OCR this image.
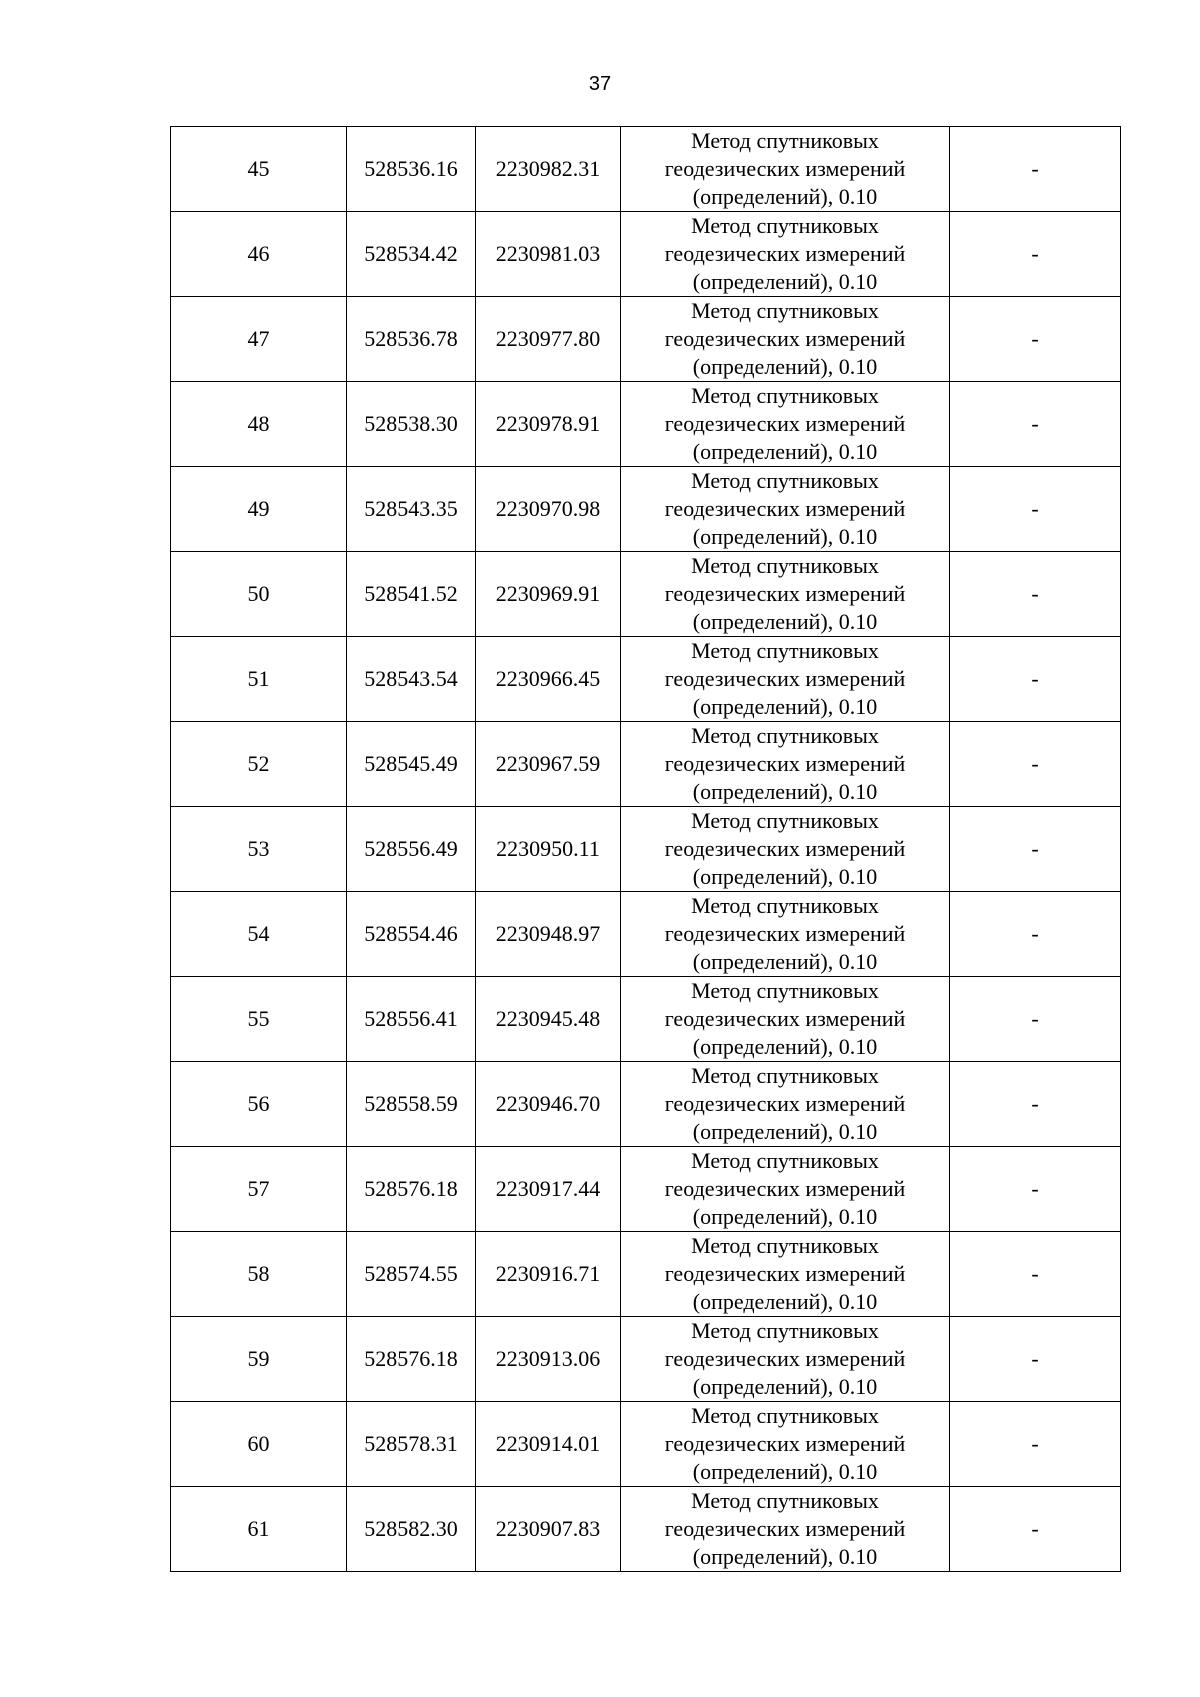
37
45	528536.16	2230982.31	Метод спутниковых
геодезических измерений
(определений), 0.10	-
46	528534.42	2230981.03	Метод спутниковых
геодезических измерений
(определений), 0.10	-
47	528536.78	2230977.80	Метод спутниковых
геодезических измерений
(определений), 0.10	-
48	528538.30	2230978.91	Метод спутниковых
геодезических измерений
(определений), 0.10	-
49	528543.35	2230970.98	Метод спутниковых
геодезических измерений
(определений), 0.10	-
50	528541.52	2230969.91	Метод спутниковых
геодезических измерений
(определений), 0.10	-
51	528543.54	2230966.45	Метод спутниковых
геодезических измерений
(определений), 0.10	-
52	528545.49	2230967.59	Метод спутниковых
геодезических измерений
(определений), 0.10	-
53	528556.49	2230950.11	Метод спутниковых
геодезических измерений
(определений), 0.10	-
54	528554.46	2230948.97	Метод спутниковых
геодезических измерений
(определений), 0.10	-
55	528556.41	2230945.48	Метод спутниковых
геодезических измерений
(определений), 0.10	-
56	528558.59	2230946.70	Метод спутниковых
геодезических измерений
(определений), 0.10	-
57	528576.18	2230917.44	Метод спутниковых
геодезических измерений
(определений), 0.10	-
58	528574.55	2230916.71	Метод спутниковых
геодезических измерений
(определений), 0.10	-
59	528576.18	2230913.06	Метод спутниковых
геодезических измерений
(определений), 0.10	-
60	528578.31	2230914.01	Метод спутниковых
геодезических измерений
(определений), 0.10	-
61	528582.30	2230907.83	Метод спутниковых
геодезических измерений
(определений), 0.10	-
